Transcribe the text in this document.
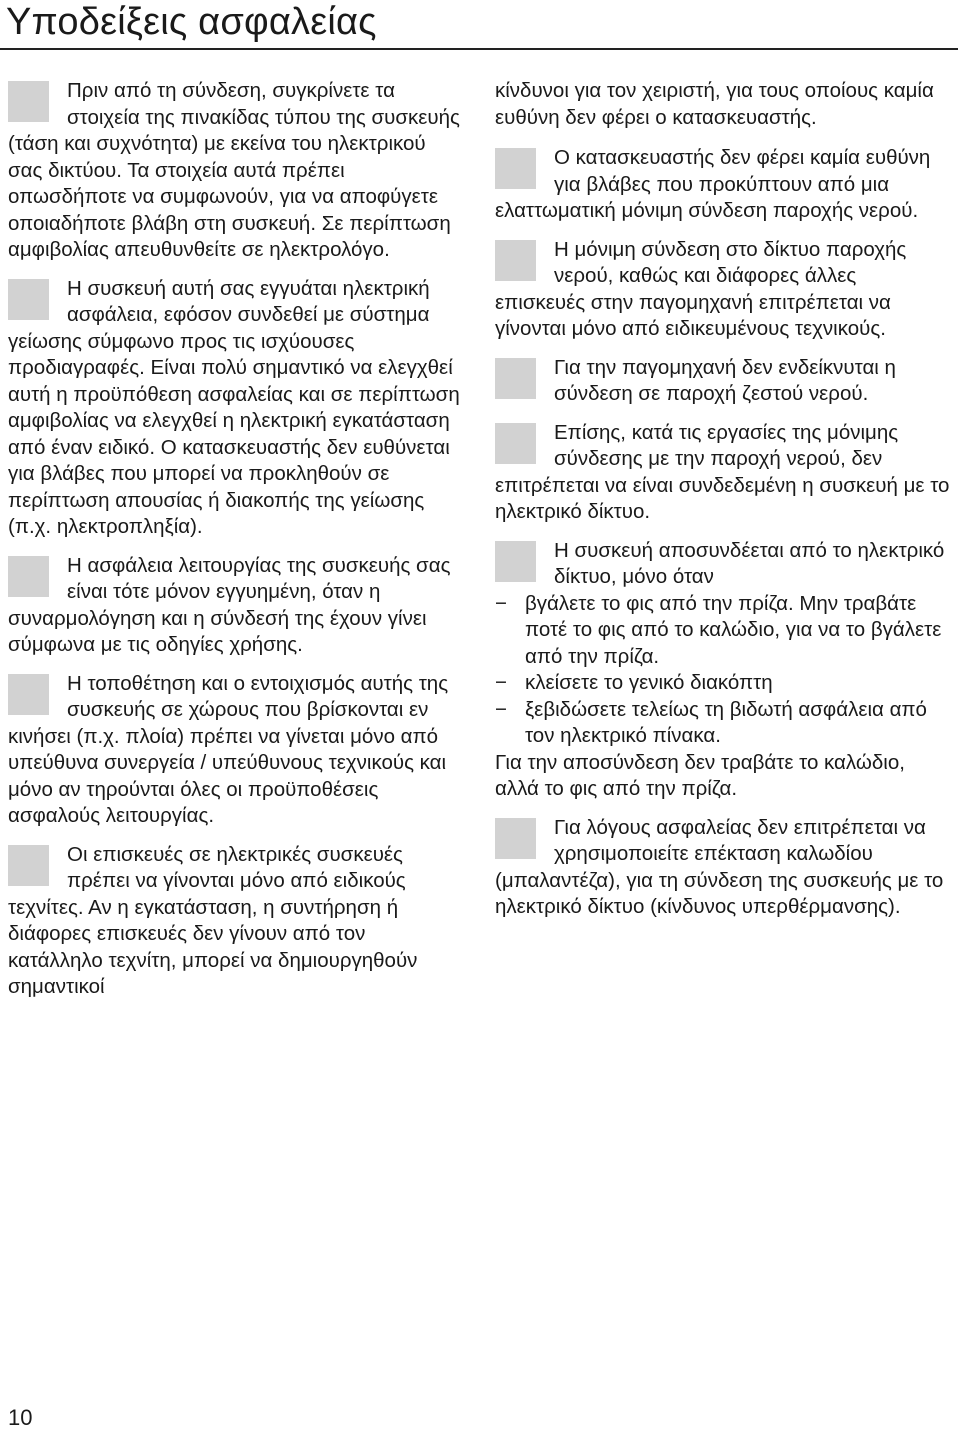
Υποδείξεις ασφαλείας

Πριν από τη σύνδεση, συγκρίνετε τα στοιχεία της πινακίδας τύπου της συσκευής (τάση και συχνότητα) με εκείνα του ηλεκτρικού σας δικτύου. Τα στοιχεία αυτά πρέπει οπωσδήποτε να συμφωνούν, για να αποφύγετε οποιαδήποτε βλάβη στη συσκευή. Σε περίπτωση αμφιβολίας απευθυνθείτε σε ηλεκτρολόγο.

Η συσκευή αυτή σας εγγυάται ηλεκτρική ασφάλεια, εφόσον συνδεθεί με σύστημα γείωσης σύμφωνο προς τις ισχύουσες προδιαγραφές. Είναι πολύ σημαντικό να ελεγχθεί αυτή η προϋπόθεση ασφαλείας και σε περίπτωση αμφιβολίας να ελεγχθεί η ηλεκτρική εγκατάσταση από έναν ειδικό. Ο κατασκευαστής δεν ευθύνεται για βλάβες που μπορεί να προκληθούν σε περίπτωση απουσίας ή διακοπής της γείωσης (π.χ. ηλεκτροπληξία).

Η ασφάλεια λειτουργίας της συσκευής σας είναι τότε μόνον εγγυημένη, όταν η συναρμολόγηση και η σύνδεσή της έχουν γίνει σύμφωνα με τις οδηγίες χρήσης.

Η τοποθέτηση και ο εντοιχισμός αυτής της συσκευής σε χώρους που βρίσκονται εν κινήσει (π.χ. πλοία) πρέπει να γίνεται μόνο από υπεύθυνα συνεργεία / υπεύθυνους τεχνικούς και μόνο αν τηρούνται όλες οι προϋποθέσεις ασφαλούς λειτουργίας.

Οι επισκευές σε ηλεκτρικές συσκευές πρέπει να γίνονται μόνο από ειδικούς τεχνίτες. Αν η εγκατάσταση, η συντήρηση ή διάφορες επισκευές δεν γίνουν από τον κατάλληλο τεχνίτη, μπορεί να δημιουργηθούν σημαντικοί

κίνδυνοι για τον χειριστή, για τους οποίους καμία ευθύνη δεν φέρει ο κατασκευαστής.

Ο κατασκευαστής δεν φέρει καμία ευθύνη για βλάβες που προκύπτουν από μια ελαττωματική μόνιμη σύνδεση παροχής νερού.

Η μόνιμη σύνδεση στο δίκτυο παροχής νερού, καθώς και διάφορες άλλες επισκευές στην παγομηχανή επιτρέπεται να γίνονται μόνο από ειδικευμένους τεχνικούς.

Για την παγομηχανή δεν ενδείκνυται η σύνδεση σε παροχή ζεστού νερού.

Επίσης, κατά τις εργασίες της μόνιμης σύνδεσης με την παροχή νερού, δεν επιτρέπεται να είναι συνδεδεμένη η συσκευή με το ηλεκτρικό δίκτυο.

Η συσκευή αποσυνδέεται από το ηλεκτρικό δίκτυο, μόνο όταν

− βγάλετε το φις από την πρίζα. Μην τραβάτε ποτέ το φις από το καλώδιο, για να το βγάλετε από την πρίζα.
− κλείσετε το γενικό διακόπτη
− ξεβιδώσετε τελείως τη βιδωτή ασφάλεια από τον ηλεκτρικό πίνακα.

Για την αποσύνδεση δεν τραβάτε το καλώδιο, αλλά το φις από την πρίζα.

Για λόγους ασφαλείας δεν επιτρέπεται να χρησιμοποιείτε επέκταση καλωδίου (μπαλαντέζα), για τη σύνδεση της συσκευής με το ηλεκτρικό δίκτυο (κίνδυνος υπερθέρμανσης).

10
